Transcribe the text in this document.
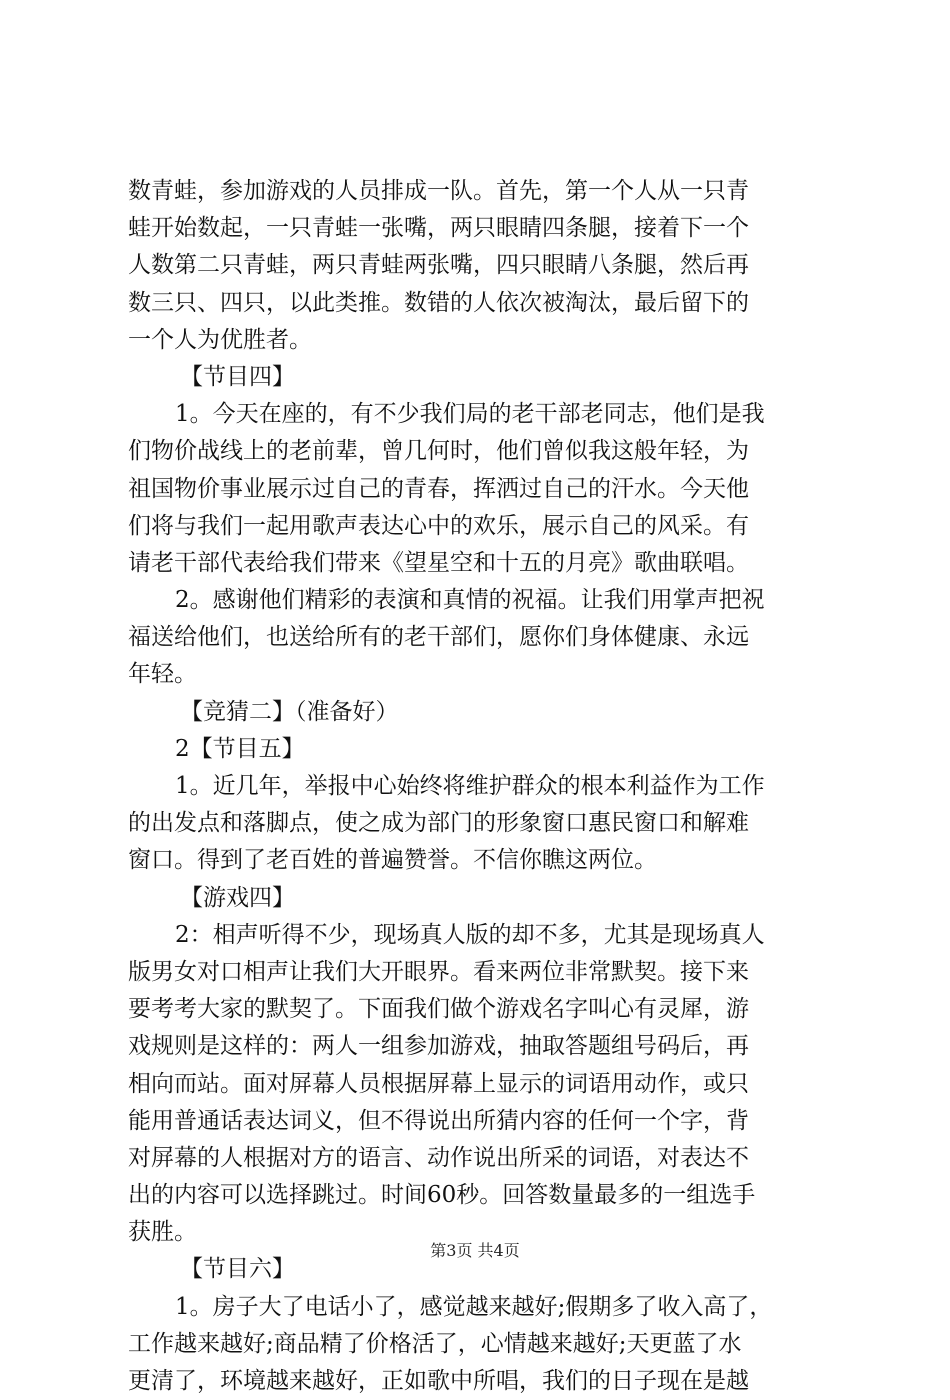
数青蛙，参加游戏的人员排成一队。首先，第一个人从一只青
蛙开始数起，一只青蛙一张嘴，两只眼睛四条腿，接着下一个
人数第二只青蛙，两只青蛙两张嘴，四只眼睛八条腿，然后再
数三只、四只，以此类推。数错的人依次被淘汰，最后留下的
一个人为优胜者。
【节目四】
1。今天在座的，有不少我们局的老干部老同志，他们是我
们物价战线上的老前辈，曾几何时，他们曾似我这般年轻，为
祖国物价事业展示过自己的青春，挥洒过自己的汗水。今天他
们将与我们一起用歌声表达心中的欢乐，展示自己的风采。有
请老干部代表给我们带来《望星空和十五的月亮》歌曲联唱。
2。感谢他们精彩的表演和真情的祝福。让我们用掌声把祝
福送给他们，也送给所有的老干部们，愿你们身体健康、永远
年轻。
【竞猜二】（准备好）
2【节目五】
1。近几年，举报中心始终将维护群众的根本利益作为工作
的出发点和落脚点，使之成为部门的形象窗口惠民窗口和解难
窗口。得到了老百姓的普遍赞誉。不信你瞧这两位。
【游戏四】
2：相声听得不少，现场真人版的却不多，尤其是现场真人
版男女对口相声让我们大开眼界。看来两位非常默契。接下来
要考考大家的默契了。下面我们做个游戏名字叫心有灵犀，游
戏规则是这样的：两人一组参加游戏，抽取答题组号码后，再
相向而站。面对屏幕人员根据屏幕上显示的词语用动作，或只
能用普通话表达词义，但不得说出所猜内容的任何一个字，背
对屏幕的人根据对方的语言、动作说出所采的词语，对表达不
出的内容可以选择跳过。时间60秒。回答数量最多的一组选手
获胜。
【节目六】
1。房子大了电话小了，感觉越来越好;假期多了收入高了，
工作越来越好;商品精了价格活了，心情越来越好;天更蓝了水
更清了，环境越来越好，正如歌中所唱，我们的日子现在是越
第3页 共4页
